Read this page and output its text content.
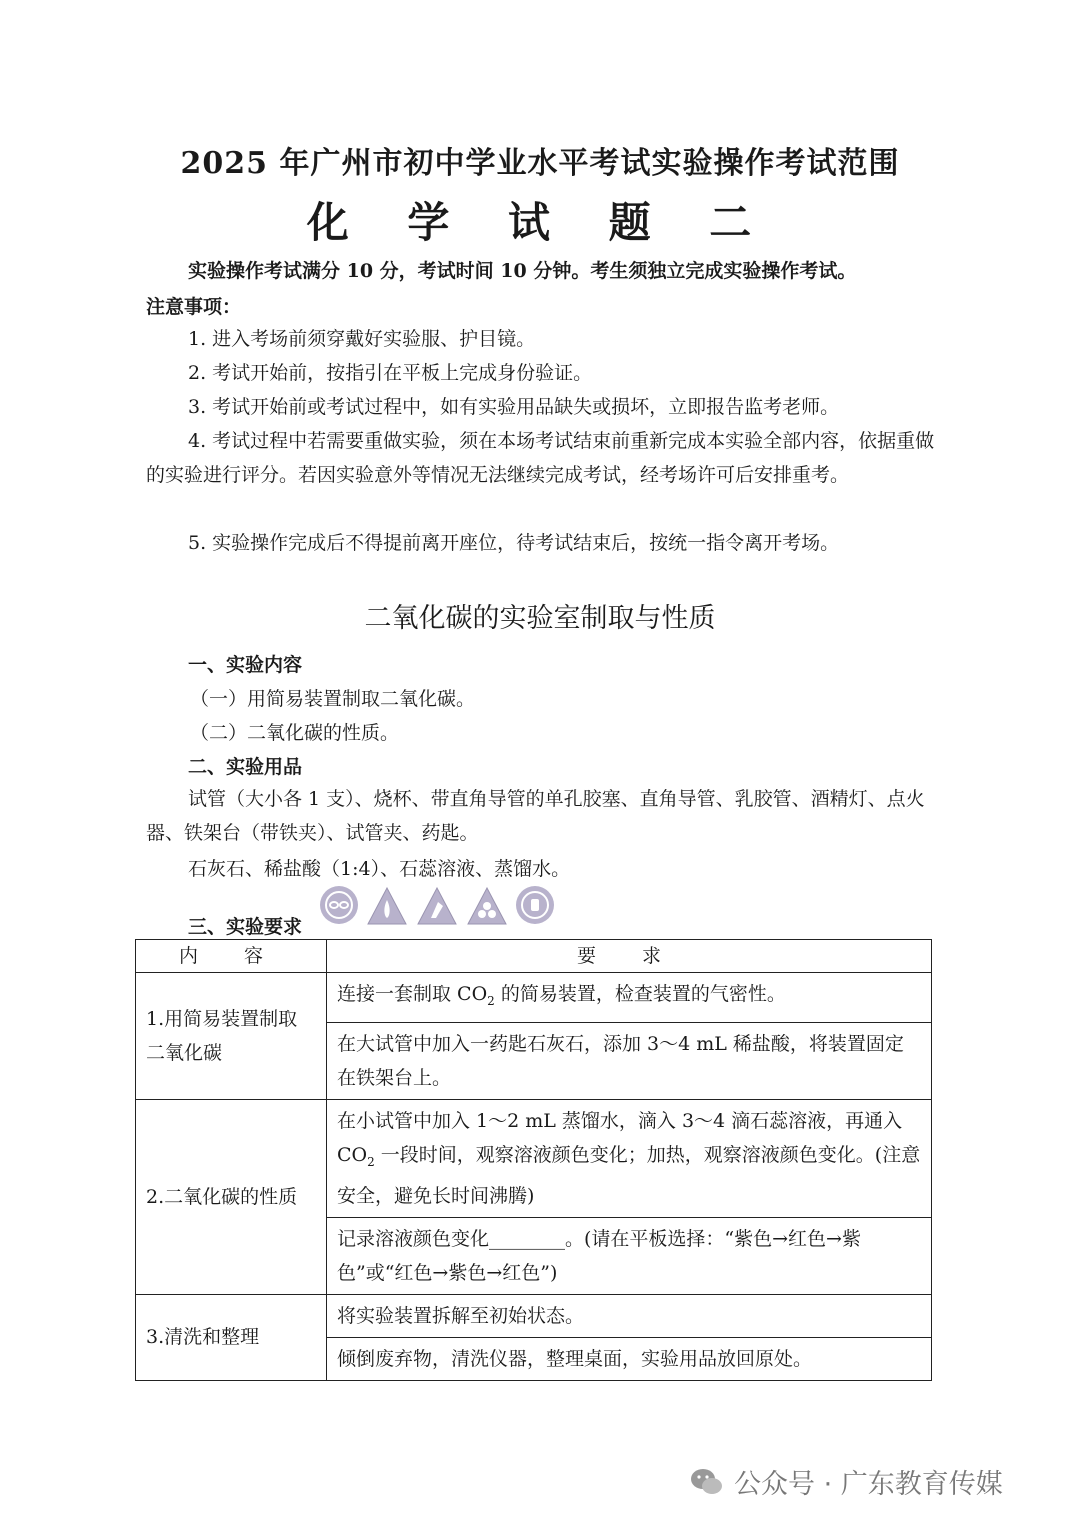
2025 年广州市初中学业水平考试实验操作考试范围
化 学 试 题 二
实验操作考试满分 10 分，考试时间 10 分钟。考生须独立完成实验操作考试。
注意事项：
1. 进入考场前须穿戴好实验服、护目镜。
2. 考试开始前，按指引在平板上完成身份验证。
3. 考试开始前或考试过程中，如有实验用品缺失或损坏，立即报告监考老师。
4. 考试过程中若需要重做实验，须在本场考试结束前重新完成本实验全部内容，依据重做的实验进行评分。若因实验意外等情况无法继续完成考试，经考场许可后安排重考。
5. 实验操作完成后不得提前离开座位，待考试结束后，按统一指令离开考场。
二氧化碳的实验室制取与性质
一、实验内容
（一）用简易装置制取二氧化碳。
（二）二氧化碳的性质。
二、实验用品
试管（大小各 1 支）、烧杯、带直角导管的单孔胶塞、直角导管、乳胶管、酒精灯、点火器、铁架台（带铁夹）、试管夹、药匙。
石灰石、稀盐酸（1:4）、石蕊溶液、蒸馏水。
三、实验要求
内 容	要 求
1.用简易装置制取二氧化碳	连接一套制取 $CO_2$ 的简易装置，检查装置的气密性。
	在大试管中加入一药匙石灰石，添加 3～4 mL 稀盐酸，将装置固定在铁架台上。
2.二氧化碳的性质	在小试管中加入 1～2 mL 蒸馏水，滴入 3～4 滴石蕊溶液，再通入 $CO_2$ 一段时间，观察溶液颜色变化；加热，观察溶液颜色变化。(注意安全，避免长时间沸腾)
	记录溶液颜色变化________。(请在平板选择：“紫色→红色→紫色”或“红色→紫色→红色”)
3.清洗和整理	将实验装置拆解至初始状态。
	倾倒废弃物，清洗仪器，整理桌面，实验用品放回原处。
公众号 · 广东教育传媒
